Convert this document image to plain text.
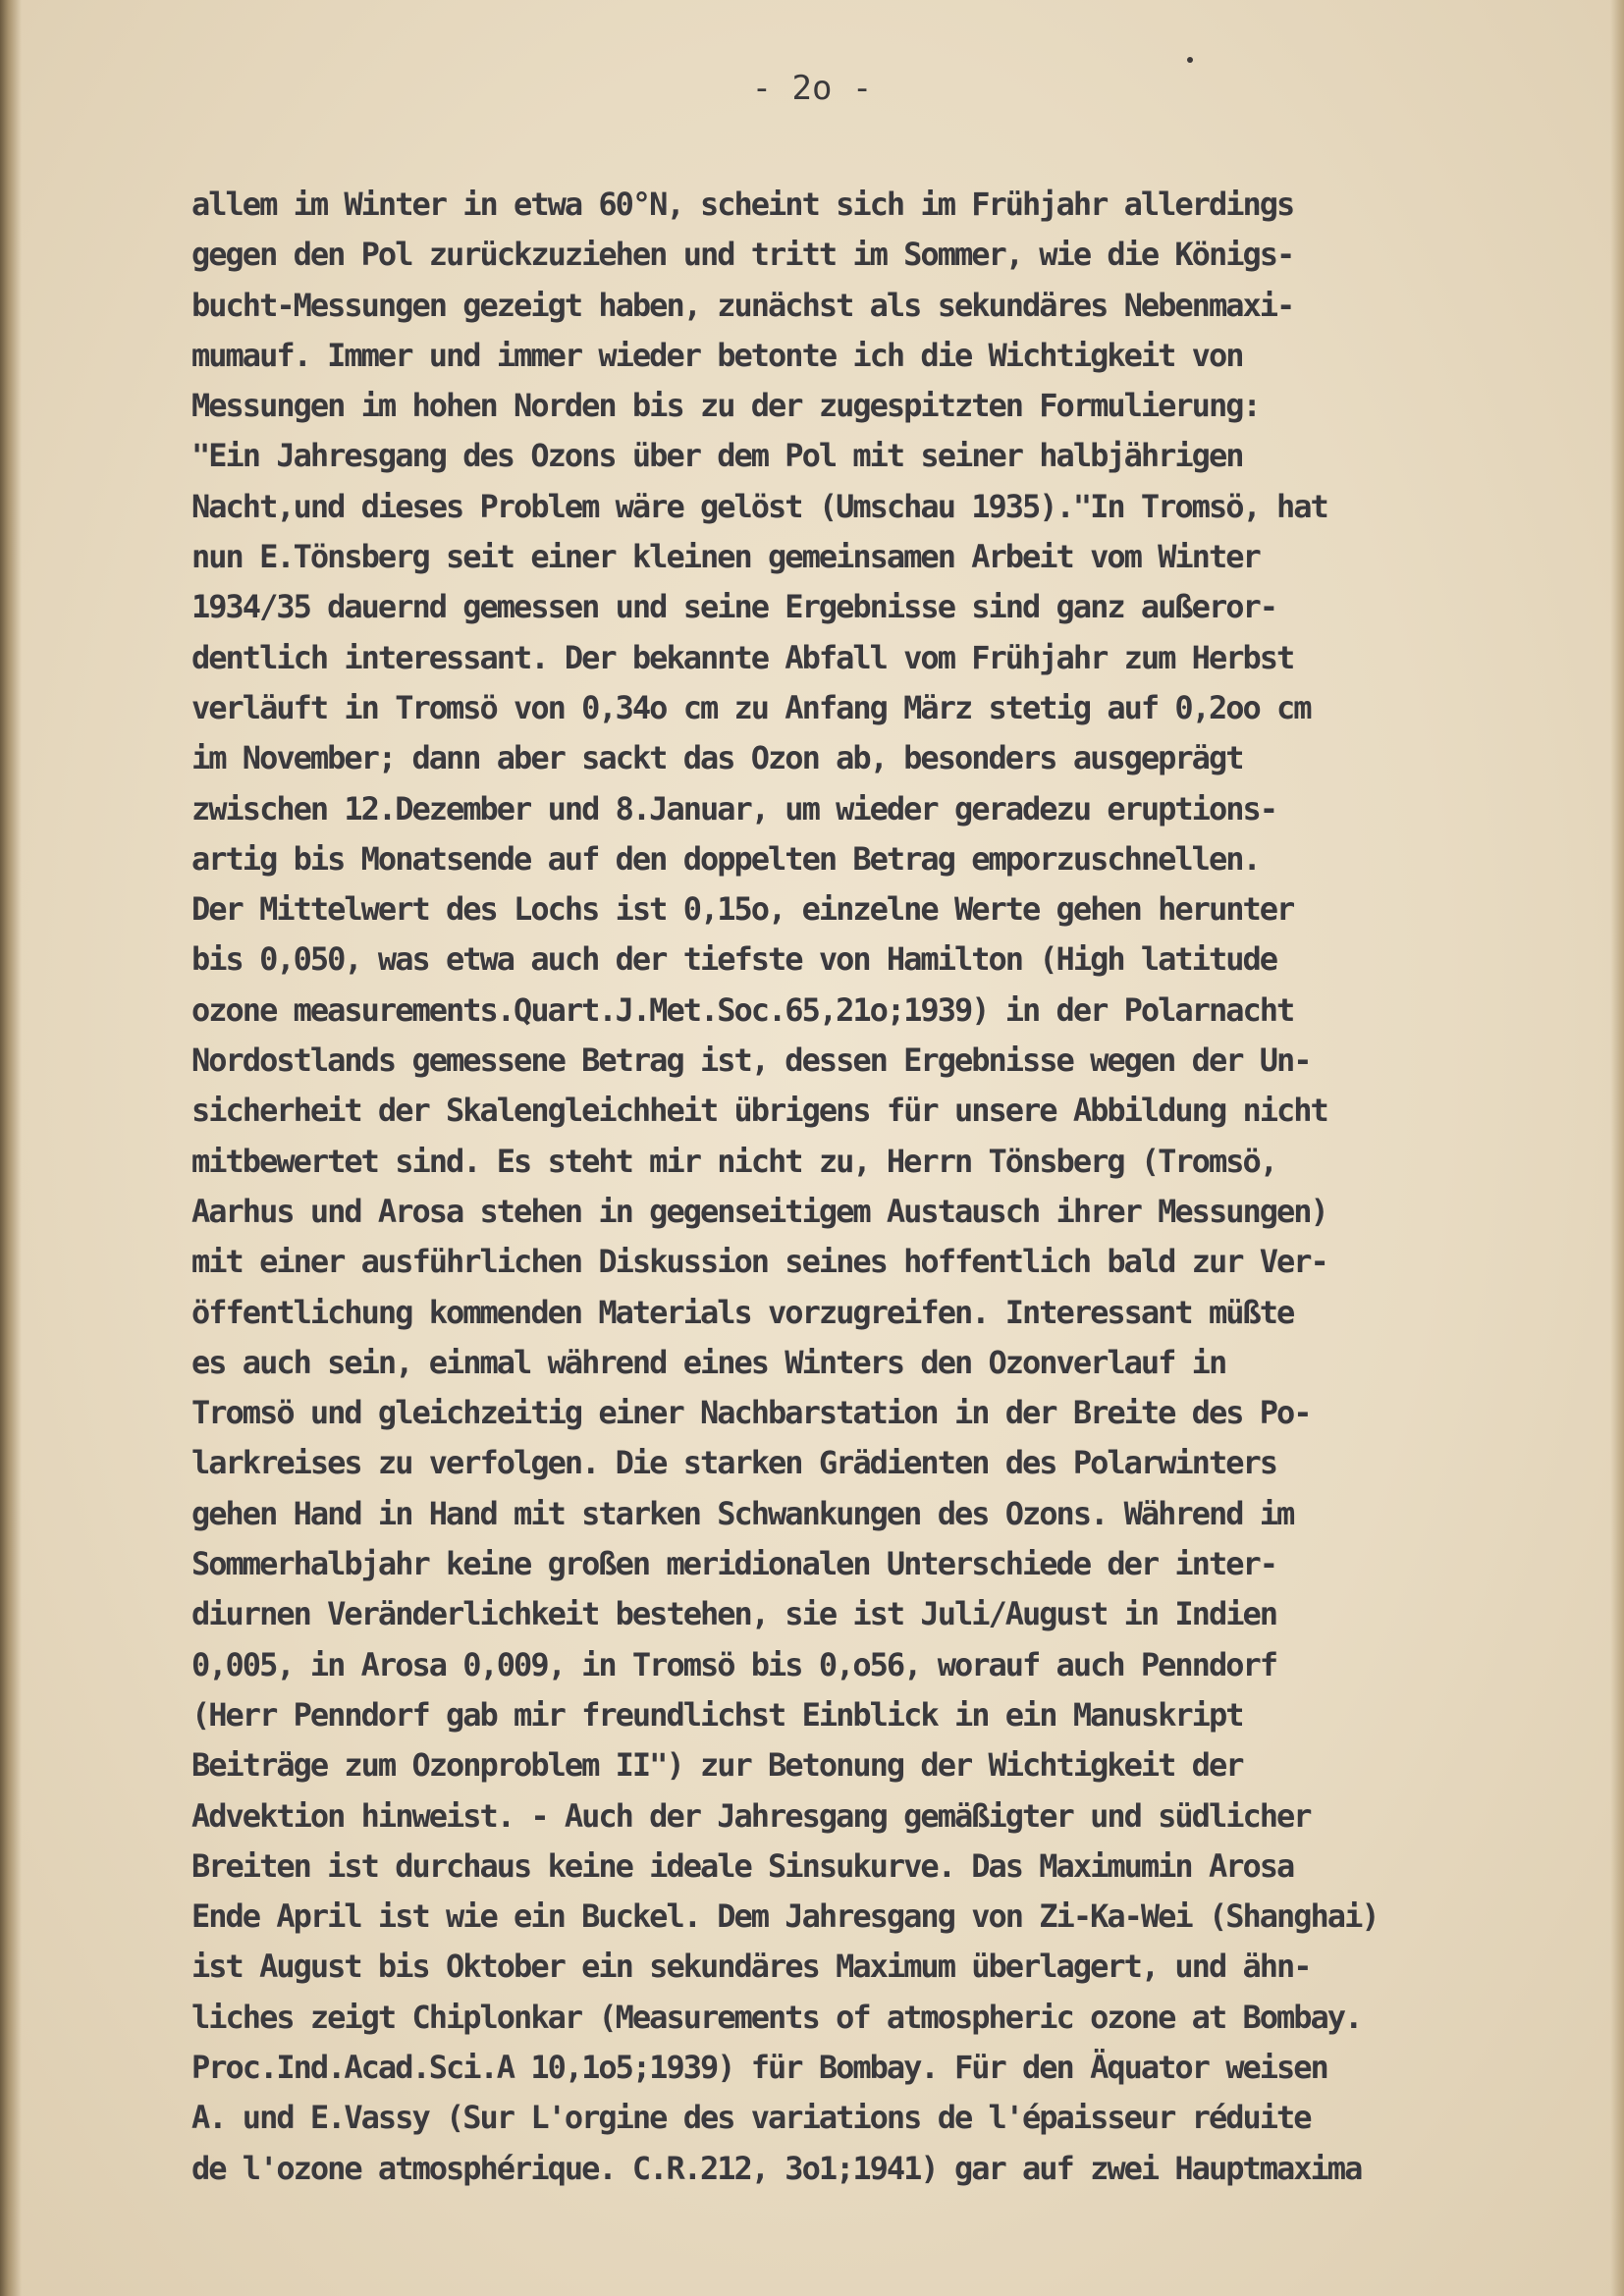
- 2o -
allem im Winter in etwa 60°N, scheint sich im Frühjahr allerdings
gegen den Pol zurückzuziehen und tritt im Sommer, wie die Königs-
bucht-Messungen gezeigt haben, zunächst als sekundäres Nebenmaxi-
mumauf. Immer und immer wieder betonte ich die Wichtigkeit von
Messungen im hohen Norden bis zu der zugespitzten Formulierung:
"Ein Jahresgang des Ozons über dem Pol mit seiner halbjährigen
Nacht,und dieses Problem wäre gelöst (Umschau 1935)."In Tromsö, hat
nun E.Tönsberg seit einer kleinen gemeinsamen Arbeit vom Winter
1934/35 dauernd gemessen und seine Ergebnisse sind ganz außeror-
dentlich interessant. Der bekannte Abfall vom Frühjahr zum Herbst
verläuft in Tromsö von 0,34o cm zu Anfang März stetig auf 0,2oo cm
im November; dann aber sackt das Ozon ab, besonders ausgeprägt
zwischen 12.Dezember und 8.Januar, um wieder geradezu eruptions-
artig bis Monatsende auf den doppelten Betrag emporzuschnellen.
Der Mittelwert des Lochs ist 0,15o, einzelne Werte gehen herunter
bis 0,050, was etwa auch der tiefste von Hamilton (High latitude
ozone measurements.Quart.J.Met.Soc.65,21o;1939) in der Polarnacht
Nordostlands gemessene Betrag ist, dessen Ergebnisse wegen der Un-
sicherheit der Skalengleichheit übrigens für unsere Abbildung nicht
mitbewertet sind. Es steht mir nicht zu, Herrn Tönsberg (Tromsö,
Aarhus und Arosa stehen in gegenseitigem Austausch ihrer Messungen)
mit einer ausführlichen Diskussion seines hoffentlich bald zur Ver-
öffentlichung kommenden Materials vorzugreifen. Interessant müßte
es auch sein, einmal während eines Winters den Ozonverlauf in
Tromsö und gleichzeitig einer Nachbarstation in der Breite des Po-
larkreises zu verfolgen. Die starken Grädienten des Polarwinters
gehen Hand in Hand mit starken Schwankungen des Ozons. Während im
Sommerhalbjahr keine großen meridionalen Unterschiede der inter-
diurnen Veränderlichkeit bestehen, sie ist Juli/August in Indien
0,005, in Arosa 0,009, in Tromsö bis 0,o56, worauf auch Penndorf
(Herr Penndorf gab mir freundlichst Einblick in ein Manuskript
Beiträge zum Ozonproblem II") zur Betonung der Wichtigkeit der
Advektion hinweist. - Auch der Jahresgang gemäßigter und südlicher
Breiten ist durchaus keine ideale Sinsukurve. Das Maximumin Arosa
Ende April ist wie ein Buckel. Dem Jahresgang von Zi-Ka-Wei (Shanghai)
ist August bis Oktober ein sekundäres Maximum überlagert, und ähn-
liches zeigt Chiplonkar (Measurements of atmospheric ozone at Bombay.
Proc.Ind.Acad.Sci.A 10,1o5;1939) für Bombay. Für den Äquator weisen
A. und E.Vassy (Sur L'orgine des variations de l'épaisseur réduite
de l'ozone atmosphérique. C.R.212, 3o1;1941) gar auf zwei Hauptmaxima
